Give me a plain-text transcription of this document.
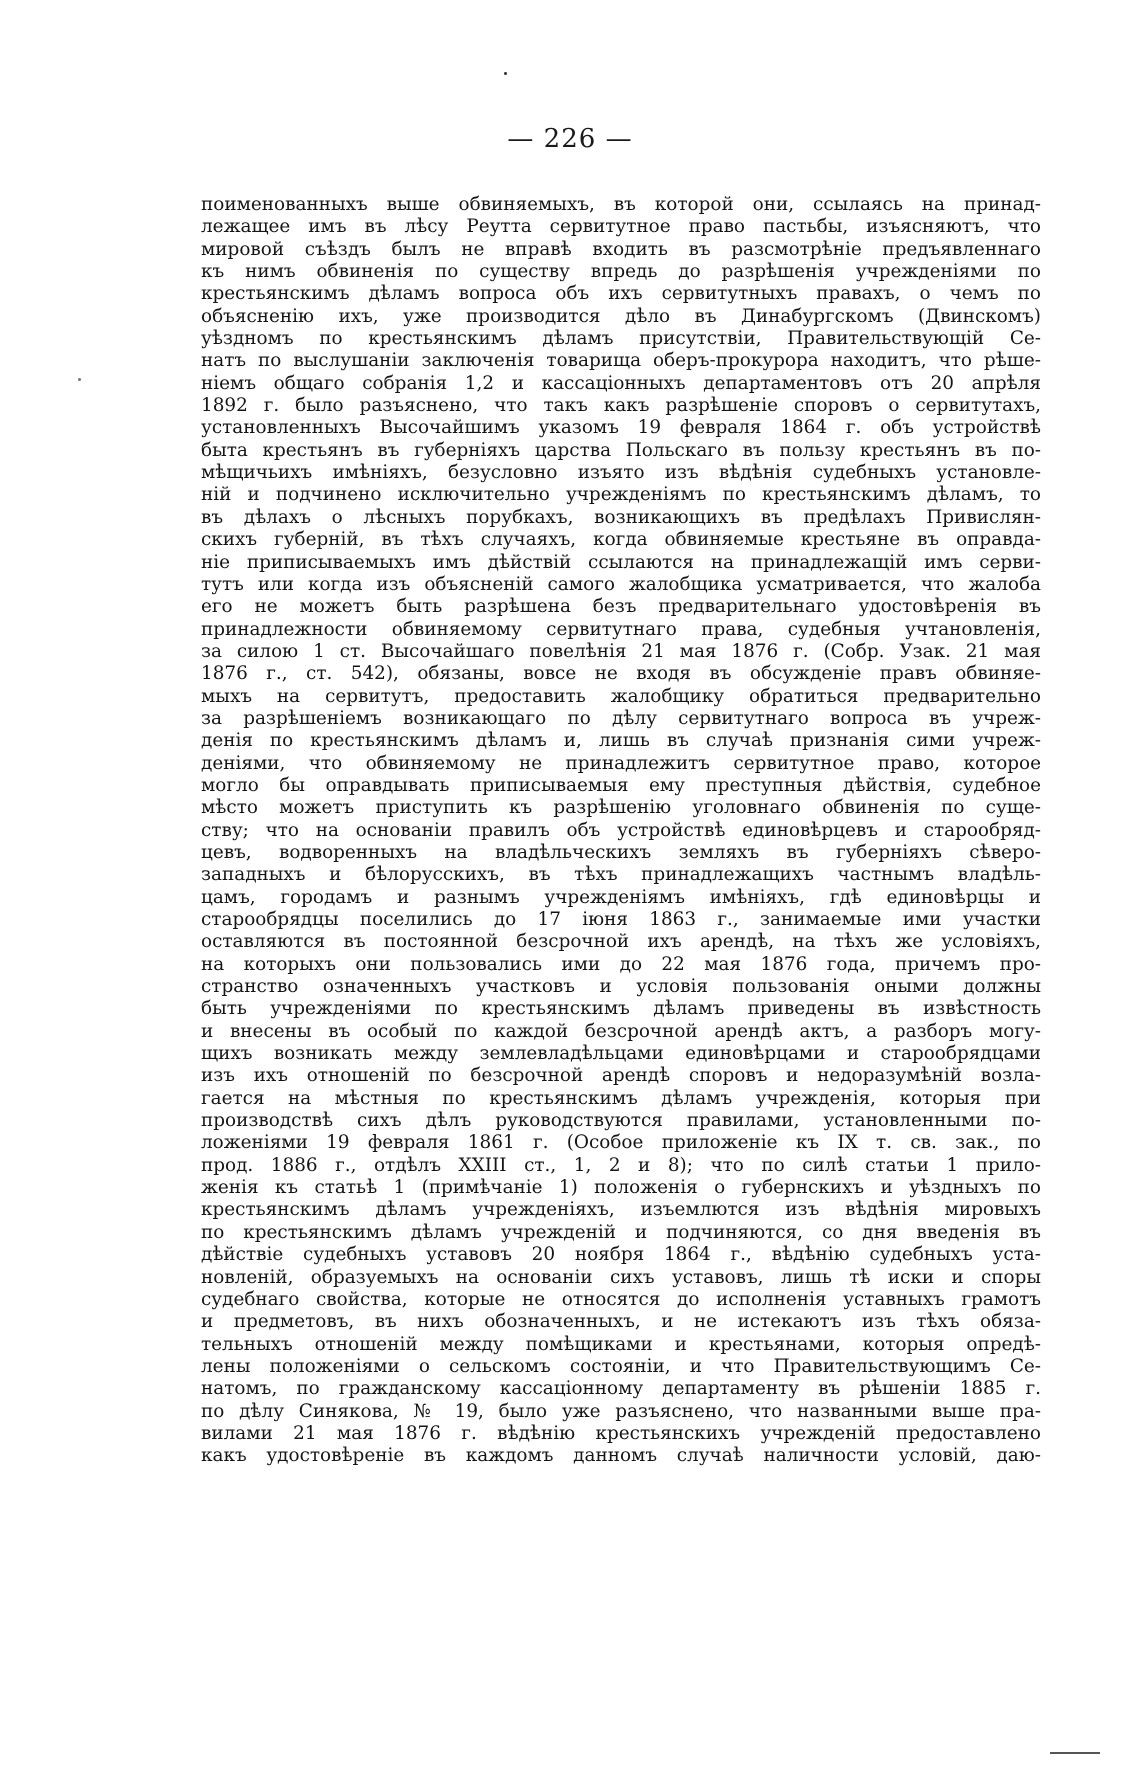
— 226 —
поименованныхъ выше обвиняемыхъ, въ которой они, ссылаясь на принад-
лежащее имъ въ лѣсу Реутта сервитутное право пастьбы, изъясняютъ, что
мировой съѣздъ былъ не вправѣ входить въ разсмотрѣніе предъявленнаго
къ нимъ обвиненія по существу впредь до разрѣшенія учрежденіями по
крестьянскимъ дѣламъ вопроса объ ихъ сервитутныхъ правахъ, о чемъ по
объясненію ихъ, уже производится дѣло въ Динабургскомъ (Двинскомъ)
уѣздномъ по крестьянскимъ дѣламъ присутствіи, Правительствующій Се-
натъ по выслушаніи заключенія товарища оберъ-прокурора находитъ, что рѣше-
ніемъ общаго собранія 1,2 и кассаціонныхъ департаментовъ отъ 20 апрѣля
1892 г. было разъяснено, что такъ какъ разрѣшеніе споровъ о сервитутахъ,
установленныхъ Высочайшимъ указомъ 19 февраля 1864 г. объ устройствѣ
быта крестьянъ въ губерніяхъ царства Польскаго въ пользу крестьянъ въ по-
мѣщичьихъ имѣніяхъ, безусловно изъято изъ вѣдѣнія судебныхъ установле-
ній и подчинено исключительно учрежденіямъ по крестьянскимъ дѣламъ, то
въ дѣлахъ о лѣсныхъ порубкахъ, возникающихъ въ предѣлахъ Привислян-
скихъ губерній, въ тѣхъ случаяхъ, когда обвиняемые крестьяне въ оправда-
ніе приписываемыхъ имъ дѣйствій ссылаются на принадлежащій имъ серви-
тутъ или когда изъ объясненій самого жалобщика усматривается, что жалоба
его не можетъ быть разрѣшена безъ предварительнаго удостовѣренія въ
принадлежности обвиняемому сервитутнаго права, судебныя учтановленія,
за силою 1 ст. Высочайшаго повелѣнія 21 мая 1876 г. (Собр. Узак. 21 мая
1876 г., ст. 542), обязаны, вовсе не входя въ обсужденіе правъ обвиняе-
мыхъ на сервитутъ, предоставить жалобщику обратиться предварительно
за разрѣшеніемъ возникающаго по дѣлу сервитутнаго вопроса въ учреж-
денія по крестьянскимъ дѣламъ и, лишь въ случаѣ признанія сими учреж-
деніями, что обвиняемому не принадлежитъ сервитутное право, которое
могло бы оправдывать приписываемыя ему преступныя дѣйствія, судебное
мѣсто можетъ приступить къ разрѣшенію уголовнаго обвиненія по суще-
ству; что на основаніи правилъ объ устройствѣ единовѣрцевъ и старообряд-
цевъ, водворенныхъ на владѣльческихъ земляхъ въ губерніяхъ сѣверо-
западныхъ и бѣлорусскихъ, въ тѣхъ принадлежащихъ частнымъ владѣль-
цамъ, городамъ и разнымъ учрежденіямъ имѣніяхъ, гдѣ единовѣрцы и
старообрядцы поселились до 17 іюня 1863 г., занимаемые ими участки
оставляются въ постоянной безсрочной ихъ арендѣ, на тѣхъ же условіяхъ,
на которыхъ они пользовались ими до 22 мая 1876 года, причемъ про-
странство означенныхъ участковъ и условія пользованія оными должны
быть учрежденіями по крестьянскимъ дѣламъ приведены въ извѣстность
и внесены въ особый по каждой безсрочной арендѣ актъ, а разборъ могу-
щихъ возникать между землевладѣльцами единовѣрцами и старообрядцами
изъ ихъ отношеній по безсрочной арендѣ споровъ и недоразумѣній возла-
гается на мѣстныя по крестьянскимъ дѣламъ учрежденія, которыя при
производствѣ сихъ дѣлъ руководствуются правилами, установленными по-
ложеніями 19 февраля 1861 г. (Особое приложеніе къ IX т. св. зак., по
прод. 1886 г., отдѣлъ XXIII ст., 1, 2 и 8); что по силѣ статьи 1 прило-
женія къ статьѣ 1 (примѣчаніе 1) положенія о губернскихъ и уѣздныхъ по
крестьянскимъ дѣламъ учрежденіяхъ, изъемлются изъ вѣдѣнія мировыхъ
по крестьянскимъ дѣламъ учрежденій и подчиняются, со дня введенія въ
дѣйствіе судебныхъ уставовъ 20 ноября 1864 г., вѣдѣнію судебныхъ уста-
новленій, образуемыхъ на основаніи сихъ уставовъ, лишь тѣ иски и споры
судебнаго свойства, которые не относятся до исполненія уставныхъ грамотъ
и предметовъ, въ нихъ обозначенныхъ, и не истекаютъ изъ тѣхъ обяза-
тельныхъ отношеній между помѣщиками и крестьянами, которыя опредѣ-
лены положеніями о сельскомъ состояніи, и что Правительствующимъ Се-
натомъ, по гражданскому кассаціонному департаменту въ рѣшеніи 1885 г.
по дѣлу Синякова, № 19, было уже разъяснено, что названными выше пра-
вилами 21 мая 1876 г. вѣдѣнію крестьянскихъ учрежденій предоставлено
какъ удостовѣреніе въ каждомъ данномъ случаѣ наличности условій, даю-
